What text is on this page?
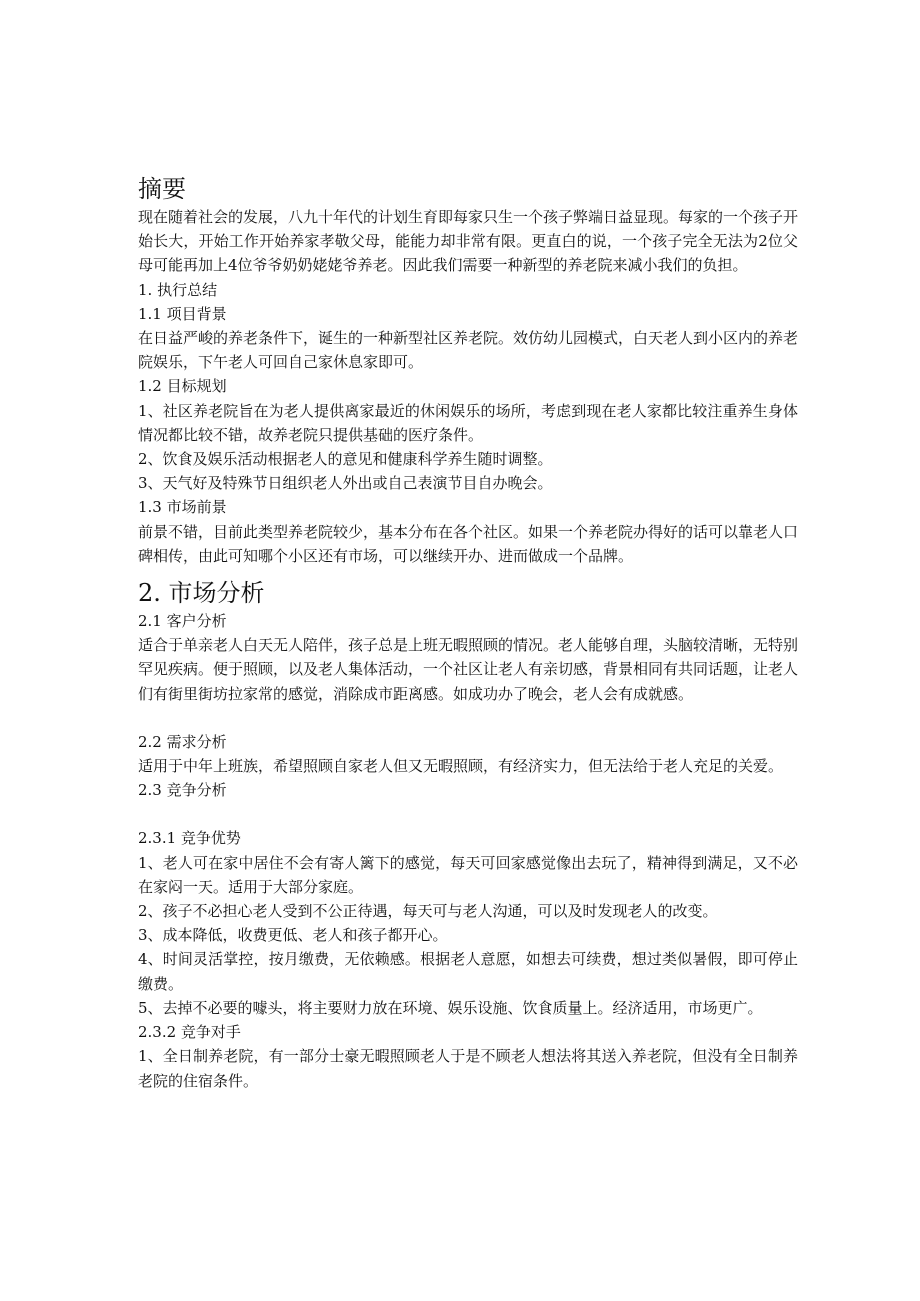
摘要

现在随着社会的发展，八九十年代的计划生育即每家只生一个孩子弊端日益显现。每家的一个孩子开始长大，开始工作开始养家孝敬父母，能能力却非常有限。更直白的说，一个孩子完全无法为2位父母可能再加上4位爷爷奶奶姥姥爷养老。因此我们需要一种新型的养老院来减小我们的负担。

1. 执行总结

1.1 项目背景

在日益严峻的养老条件下，诞生的一种新型社区养老院。效仿幼儿园模式，白天老人到小区内的养老院娱乐，下午老人可回自己家休息家即可。

1.2 目标规划

1、社区养老院旨在为老人提供离家最近的休闲娱乐的场所，考虑到现在老人家都比较注重养生身体情况都比较不错，故养老院只提供基础的医疗条件。

2、饮食及娱乐活动根据老人的意见和健康科学养生随时调整。

3、天气好及特殊节日组织老人外出或自己表演节目自办晚会。

1.3 市场前景

前景不错，目前此类型养老院较少，基本分布在各个社区。如果一个养老院办得好的话可以靠老人口碑相传，由此可知哪个小区还有市场，可以继续开办、进而做成一个品牌。

2. 市场分析

2.1 客户分析

适合于单亲老人白天无人陪伴，孩子总是上班无暇照顾的情况。老人能够自理，头脑较清晰，无特别罕见疾病。便于照顾，以及老人集体活动，一个社区让老人有亲切感，背景相同有共同话题，让老人们有街里街坊拉家常的感觉，消除成市距离感。如成功办了晚会，老人会有成就感。

2.2 需求分析

适用于中年上班族，希望照顾自家老人但又无暇照顾，有经济实力，但无法给于老人充足的关爱。

2.3 竞争分析

2.3.1 竞争优势

1、老人可在家中居住不会有寄人篱下的感觉，每天可回家感觉像出去玩了，精神得到满足，又不必在家闷一天。适用于大部分家庭。

2、孩子不必担心老人受到不公正待遇，每天可与老人沟通，可以及时发现老人的改变。

3、成本降低，收费更低、老人和孩子都开心。

4、时间灵活掌控，按月缴费，无依赖感。根据老人意愿，如想去可续费，想过类似暑假，即可停止缴费。

5、去掉不必要的噱头，将主要财力放在环境、娱乐设施、饮食质量上。经济适用，市场更广。

2.3.2 竞争对手

1、全日制养老院，有一部分士豪无暇照顾老人于是不顾老人想法将其送入养老院，但没有全日制养老院的住宿条件。
